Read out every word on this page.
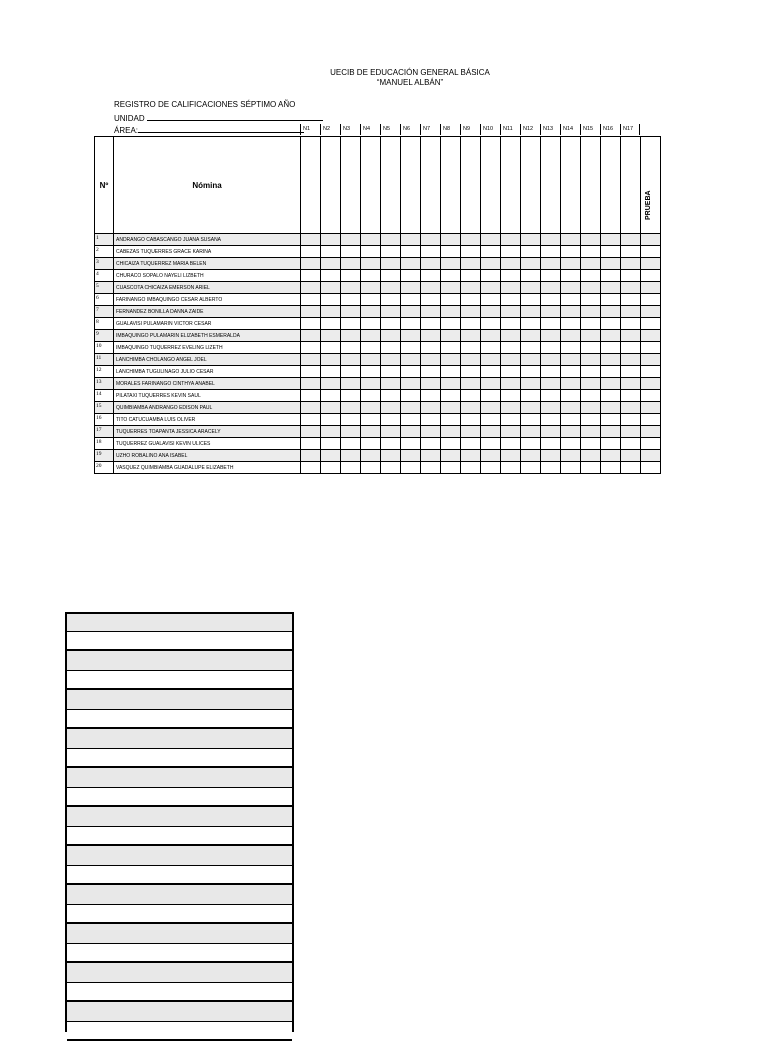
UECIB DE EDUCACIÓN GENERAL BÁSICA
“MANUEL ALBÁN”
REGISTRO DE CALIFICACIONES SÉPTIMO AÑO
UNIDAD
ÁREA:	N1	N2	N3	N4	N5	N6	N7	N8	N9	N10	N11	N12	N13	N14	N15	N16	N17
Nº	Nómina																		PRUEBA

1	ANDRANGO CABASCANGO JUANA SUSANA																		
2	CABEZAS TUQUERRES GRACE KARINA																		
3	CHICAIZA TUQUERREZ MARIA BELEN																		
4	CHURACO SOPALO NAYELI LIZBETH																		
5	CUASCOTA CHICAIZA EMERSON ARIEL																		
6	FARINANGO IMBAQUINGO CESAR ALBERTO																		
7	FERNANDEZ BONILLA DANNA ZAIDE																		
8	GUALAVISI PULAMARIN VICTOR CESAR																		
9	IMBAQUINGO PULAMARIN ELIZABETH ESMERALDA																		
10	IMBAQUINGO TUQUERREZ EVELING LIZETH																		
11	LANCHIMBA CHOLANGO ANGEL JOEL																		
12	LANCHIMBA TUGULINAGO JULIO CESAR																		
13	MORALES FARINANGO CINTHYA ANABEL																		
14	PILATAXI TUQUERRES KEVIN SAUL																		
15	QUIMBIAMBA ANDRANGO EDISON PAUL																		
16	TITO CATUCUAMBA LUIS OLIVER																		
17	TUQUERRES TOAPANTA JESSICA ARACELY																		
18	TUQUERREZ GUALAVISI KEVIN ULICES																		
19	UZHO ROBALINO ANA ISABEL																		
20	VASQUEZ QUIMBIAMBA GUADALUPE ELIZABETH																		
